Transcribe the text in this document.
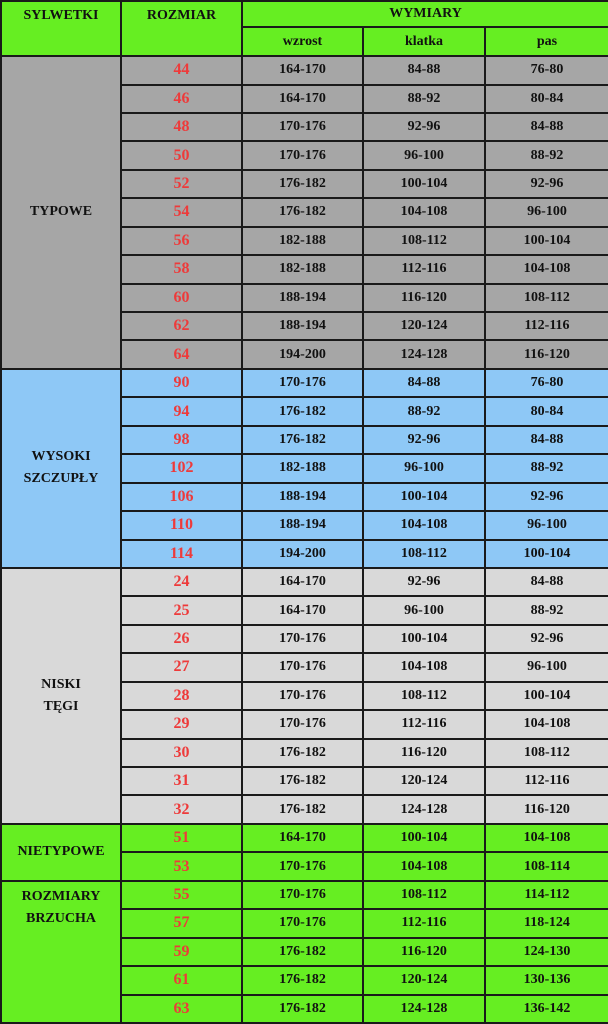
SYLWETKI	ROZMIAR	WYMIARY		
		wzrost	klatka	pas
TYPOWE	44	164-170	84-88	76-80
	46	164-170	88-92	80-84
	48	170-176	92-96	84-88
	50	170-176	96-100	88-92
	52	176-182	100-104	92-96
	54	176-182	104-108	96-100
	56	182-188	108-112	100-104
	58	182-188	112-116	104-108
	60	188-194	116-120	108-112
	62	188-194	120-124	112-116
	64	194-200	124-128	116-120
WYSOKI
SZCZUPŁY	90	170-176	84-88	76-80
	94	176-182	88-92	80-84
	98	176-182	92-96	84-88
	102	182-188	96-100	88-92
	106	188-194	100-104	92-96
	110	188-194	104-108	96-100
	114	194-200	108-112	100-104
NISKI
TĘGI	24	164-170	92-96	84-88
	25	164-170	96-100	88-92
	26	170-176	100-104	92-96
	27	170-176	104-108	96-100
	28	170-176	108-112	100-104
	29	170-176	112-116	104-108
	30	176-182	116-120	108-112
	31	176-182	120-124	112-116
	32	176-182	124-128	116-120
NIETYPOWE	51	164-170	100-104	104-108
	53	170-176	104-108	108-114
ROZMIARY
BRZUCHA	55	170-176	108-112	114-112
	57	170-176	112-116	118-124
	59	176-182	116-120	124-130
	61	176-182	120-124	130-136
	63	176-182	124-128	136-142
